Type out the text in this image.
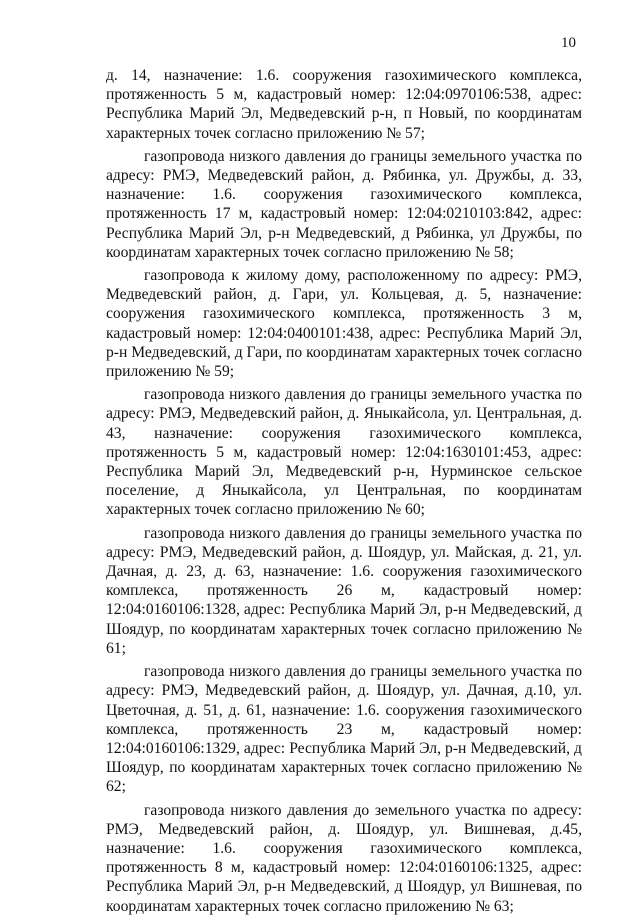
10

д. 14, назначение: 1.6. сооружения газохимического комплекса, протяженность 5 м, кадастровый номер: 12:04:0970106:538, адрес: Республика Марий Эл, Медведевский р-н, п Новый, по координатам характерных точек согласно приложению № 57;

газопровода низкого давления до границы земельного участка по адресу: РМЭ, Медведевский район, д. Рябинка, ул. Дружбы, д. 33, назначение: 1.6. сооружения газохимического комплекса, протяженность 17 м, кадастровый номер: 12:04:0210103:842, адрес: Республика Марий Эл, р-н Медведевский, д Рябинка, ул Дружбы, по координатам характерных точек согласно приложению № 58;

газопровода к жилому дому, расположенному по адресу: РМЭ, Медведевский район, д. Гари, ул. Кольцевая, д. 5, назначение: сооружения газохимического комплекса, протяженность 3 м, кадастровый номер: 12:04:0400101:438, адрес: Республика Марий Эл, р-н Медведевский, д Гари, по координатам характерных точек согласно приложению № 59;

газопровода низкого давления до границы земельного участка по адресу: РМЭ, Медведевский район, д. Яныкайсола, ул. Центральная, д. 43, назначение: сооружения газохимического комплекса, протяженность 5 м, кадастровый номер: 12:04:1630101:453, адрес: Республика Марий Эл, Медведевский р-н, Нурминское сельское поселение, д Яныкайсола, ул Центральная, по координатам характерных точек согласно приложению № 60;

газопровода низкого давления до границы земельного участка по адресу: РМЭ, Медведевский район, д. Шоядур, ул. Майская, д. 21, ул. Дачная, д. 23, д. 63, назначение: 1.6. сооружения газохимического комплекса, протяженность 26 м, кадастровый номер: 12:04:0160106:1328, адрес: Республика Марий Эл, р-н Медведевский, д Шоядур, по координатам характерных точек согласно приложению № 61;

газопровода низкого давления до границы земельного участка по адресу: РМЭ, Медведевский район, д. Шоядур, ул. Дачная, д.10, ул. Цветочная, д. 51, д. 61, назначение: 1.6. сооружения газохимического комплекса, протяженность 23 м, кадастровый номер: 12:04:0160106:1329, адрес: Республика Марий Эл, р-н Медведевский, д Шоядур, по координатам характерных точек согласно приложению № 62;

газопровода низкого давления до земельного участка по адресу: РМЭ, Медведевский район, д. Шоядур, ул. Вишневая, д.45, назначение: 1.6. сооружения газохимического комплекса, протяженность 8 м, кадастровый номер: 12:04:0160106:1325, адрес: Республика Марий Эл, р-н Медведевский, д Шоядур, ул Вишневая, по координатам характерных точек согласно приложению № 63;
